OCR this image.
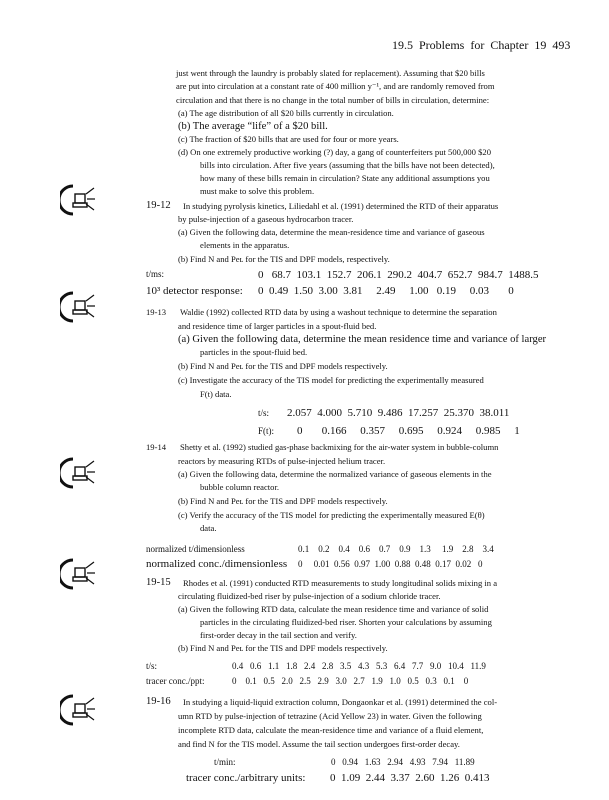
19.5 Problems for Chapter 19 493
just went through the laundry is probably slated for replacement). Assuming that $20 bills
are put into circulation at a constant rate of 400 million y⁻¹, and are randomly removed from
circulation and that there is no change in the total number of bills in circulation, determine:
(a) The age distribution of all $20 bills currently in circulation.
(b) The average “life” of a $20 bill.
(c) The fraction of $20 bills that are used for four or more years.
(d) On one extremely productive working (?) day, a gang of counterfeiters put 500,000 $20
bills into circulation. After five years (assuming that the bills have not been detected),
how many of these bills remain in circulation? State any additional assumptions you
must make to solve this problem.
19-12 In studying pyrolysis kinetics, Liliedahl et al. (1991) determined the RTD of their apparatus
by pulse-injection of a gaseous hydrocarbon tracer.
(a) Given the following data, determine the mean-residence time and variance of gaseous
elements in the apparatus.
(b) Find N and Peʟ for the TIS and DPF models, respectively.
t/ms:	0   68.7  103.1  152.7  206.1  290.2  404.7  652.7  984.7  1488.5
10³ detector response: 0  0.49  1.50  3.00  3.81     2.49     1.00   0.19     0.03       0
19-13 Waldie (1992) collected RTD data by using a washout technique to determine the separation
and residence time of larger particles in a spout-fluid bed.
(a) Given the following data, determine the mean residence time and variance of larger
particles in the spout-fluid bed.
(b) Find N and Peʟ for the TIS and DPF models respectively.
(c) Investigate the accuracy of the TIS model for predicting the experimentally measured
F(t) data.
t/s: 2.057  4.000  5.710  9.486  17.257  25.370  38.011
F(t): 0       0.166     0.357     0.695     0.924     0.985     1
19-14 Shetty et al. (1992) studied gas-phase backmixing for the air-water system in bubble-column
reactors by measuring RTDs of pulse-injected helium tracer.
(a) Given the following data, determine the normalized variance of gaseous elements in the
bubble column reactor.
(b) Find N and Peʟ for the TIS and DPF models respectively.
(c) Verify the accuracy of the TIS model for predicting the experimentally measured E(θ)
data.
normalized t/dimensionless	0.1    0.2    0.4    0.6    0.7    0.9    1.3     1.9    2.8    3.4
normalized conc./dimensionless 0     0.01  0.56  0.97  1.00  0.88  0.48  0.17  0.02   0
19-15 Rhodes et al. (1991) conducted RTD measurements to study longitudinal solids mixing in a
circulating fluidized-bed riser by pulse-injection of a sodium chloride tracer.
(a) Given the following RTD data, calculate the mean residence time and variance of solid
particles in the circulating fluidized-bed riser. Shorten your calculations by assuming
first-order decay in the tail section and verify.
(b) Find N and Peʟ for the TIS and DPF models respectively.
t/s:	0.4   0.6   1.1   1.8   2.4   2.8   3.5   4.3   5.3   6.4   7.7   9.0   10.4   11.9
tracer conc./ppt:	0    0.1   0.5   2.0   2.5   2.9   3.0   2.7   1.9   1.0   0.5   0.3   0.1    0
19-16 In studying a liquid-liquid extraction column, Dongaonkar et al. (1991) determined the col-
umn RTD by pulse-injection of tetrazine (Acid Yellow 23) in water. Given the following
incomplete RTD data, calculate the mean-residence time and variance of a fluid element,
and find N for the TIS model. Assume the tail section undergoes first-order decay.
t/min:	0   0.94   1.63   2.94   4.93   7.94   11.89
tracer conc./arbitrary units: 0  1.09  2.44  3.37  2.60  1.26  0.413
